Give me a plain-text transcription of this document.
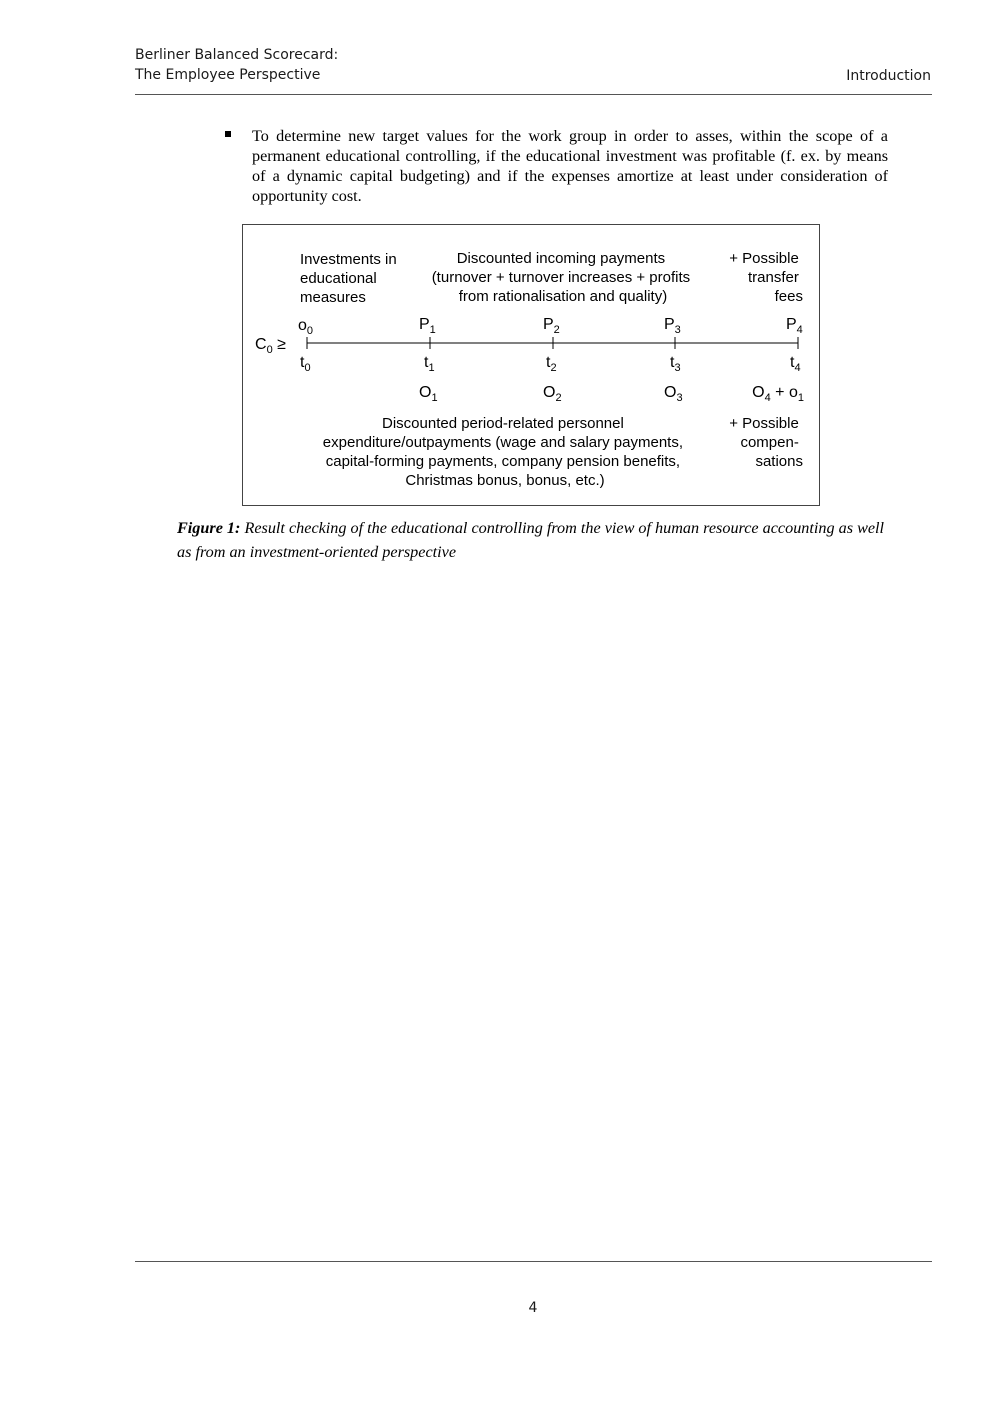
Berliner Balanced Scorecard:
The Employee Perspective	Introduction
To determine new target values for the work group in order to asses, within the scope of a permanent educational controlling, if the educational investment was profitable (f. ex. by means of a dynamic capital budgeting) and if the expenses amortize at least under consideration of opportunity cost.
Investments in educational measures
Discounted incoming payments (turnover + turnover increases + profits from rationalisation and quality)
+ Possible transfer fees
$C_0$ ≥
$o_0$	$P_1$	$P_2$	$P_3$	$P_4$
$t_0$	$t_1$	$t_2$	$t_3$	$t_4$
$O_1$	$O_2$	$O_3$	$O_4 + o_1$
Discounted period-related personnel expenditure/outpayments (wage and salary payments, capital-forming payments, company pension benefits, Christmas bonus, bonus, etc.)
+ Possible compen- sations
Figure 1: Result checking of the educational controlling from the view of human resource accounting as well as from an investment-oriented perspective
4
